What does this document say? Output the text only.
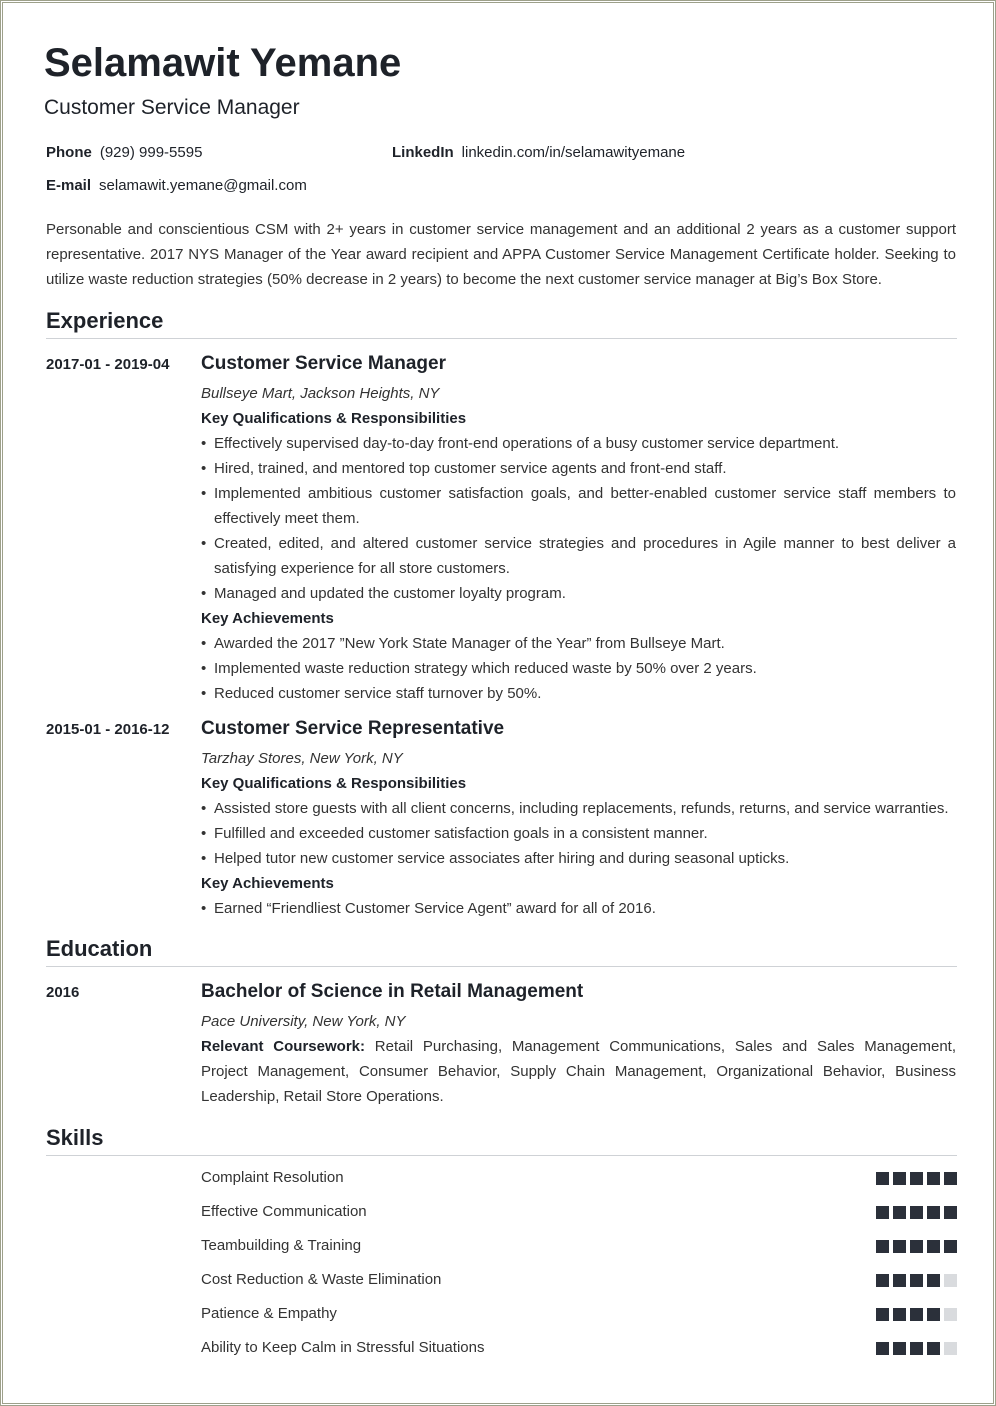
Selamawit Yemane
Customer Service Manager
Phone (929) 999-5595	LinkedIn linkedin.com/in/selamawityemane
E-mail selamawit.yemane@gmail.com
Personable and conscientious CSM with 2+ years in customer service management and an additional 2 years as a customer support representative. 2017 NYS Manager of the Year award recipient and APPA Customer Service Management Certificate holder. Seeking to utilize waste reduction strategies (50% decrease in 2 years) to become the next customer service manager at Big’s Box Store.
Experience
2017-01 - 2019-04 Customer Service Manager
Bullseye Mart, Jackson Heights, NY
Key Qualifications & Responsibilities
• Effectively supervised day-to-day front-end operations of a busy customer service department.
• Hired, trained, and mentored top customer service agents and front-end staff.
• Implemented ambitious customer satisfaction goals, and better-enabled customer service staff members to effectively meet them.
• Created, edited, and altered customer service strategies and procedures in Agile manner to best deliver a satisfying experience for all store customers.
• Managed and updated the customer loyalty program.
Key Achievements
• Awarded the 2017 ”New York State Manager of the Year” from Bullseye Mart.
• Implemented waste reduction strategy which reduced waste by 50% over 2 years.
• Reduced customer service staff turnover by 50%.
2015-01 - 2016-12 Customer Service Representative
Tarzhay Stores, New York, NY
Key Qualifications & Responsibilities
• Assisted store guests with all client concerns, including replacements, refunds, returns, and service warranties.
• Fulfilled and exceeded customer satisfaction goals in a consistent manner.
• Helped tutor new customer service associates after hiring and during seasonal upticks.
Key Achievements
• Earned “Friendliest Customer Service Agent” award for all of 2016.
Education
2016	Bachelor of Science in Retail Management
Pace University, New York, NY
Relevant Coursework: Retail Purchasing, Management Communications, Sales and Sales Management, Project Management, Consumer Behavior, Supply Chain Management, Organizational Behavior, Business Leadership, Retail Store Operations.
Skills
Complaint Resolution
Effective Communication
Teambuilding & Training
Cost Reduction & Waste Elimination
Patience & Empathy
Ability to Keep Calm in Stressful Situations
